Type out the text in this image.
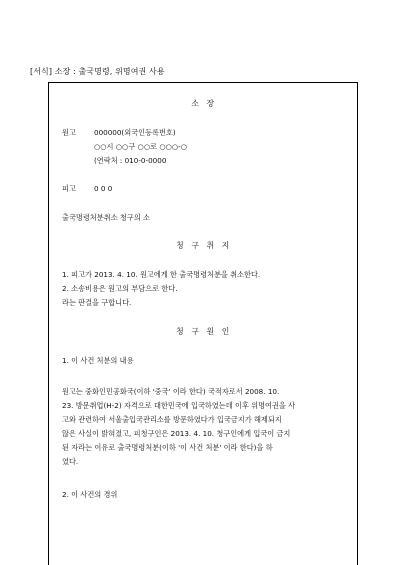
[서식] 소장 : 출국명령, 위명여권 사용
소 장
원고	000000(외국인등록번호)
○○시 ○○구 ○○로 ○○○-○
(연락처 : 010-0-0000
피고	0 0 0
출국명령처분취소 청구의 소
청 구 취 지
1. 피고가 2013. 4. 10. 원고에게 한 출국명령처분을 취소한다.
2. 소송비용은 원고의 부담으로 한다.
라는 판결을 구합니다.
청 구 원 인
1. 이 사건 처분의 내용
원고는 중화인민공화국(이하 '중국' 이라 한다) 국적자로서 2008. 10.
23. 방문취업(H-2) 자격으로 대한민국에 입국하였는데 이후 위명여권을 사
고와 관련하여 서울출입국관리소를 방문하였다가 입국금지가 해제되지
않은 사실이 밝혀졌고, 피청구인은 2013. 4. 10. 청구인에게 입국이 금지
된 자라는 이유로 출국명령처분(이하 '이 사건 처분' 이라 한다)을 하
였다.
2. 이 사건의 경위
